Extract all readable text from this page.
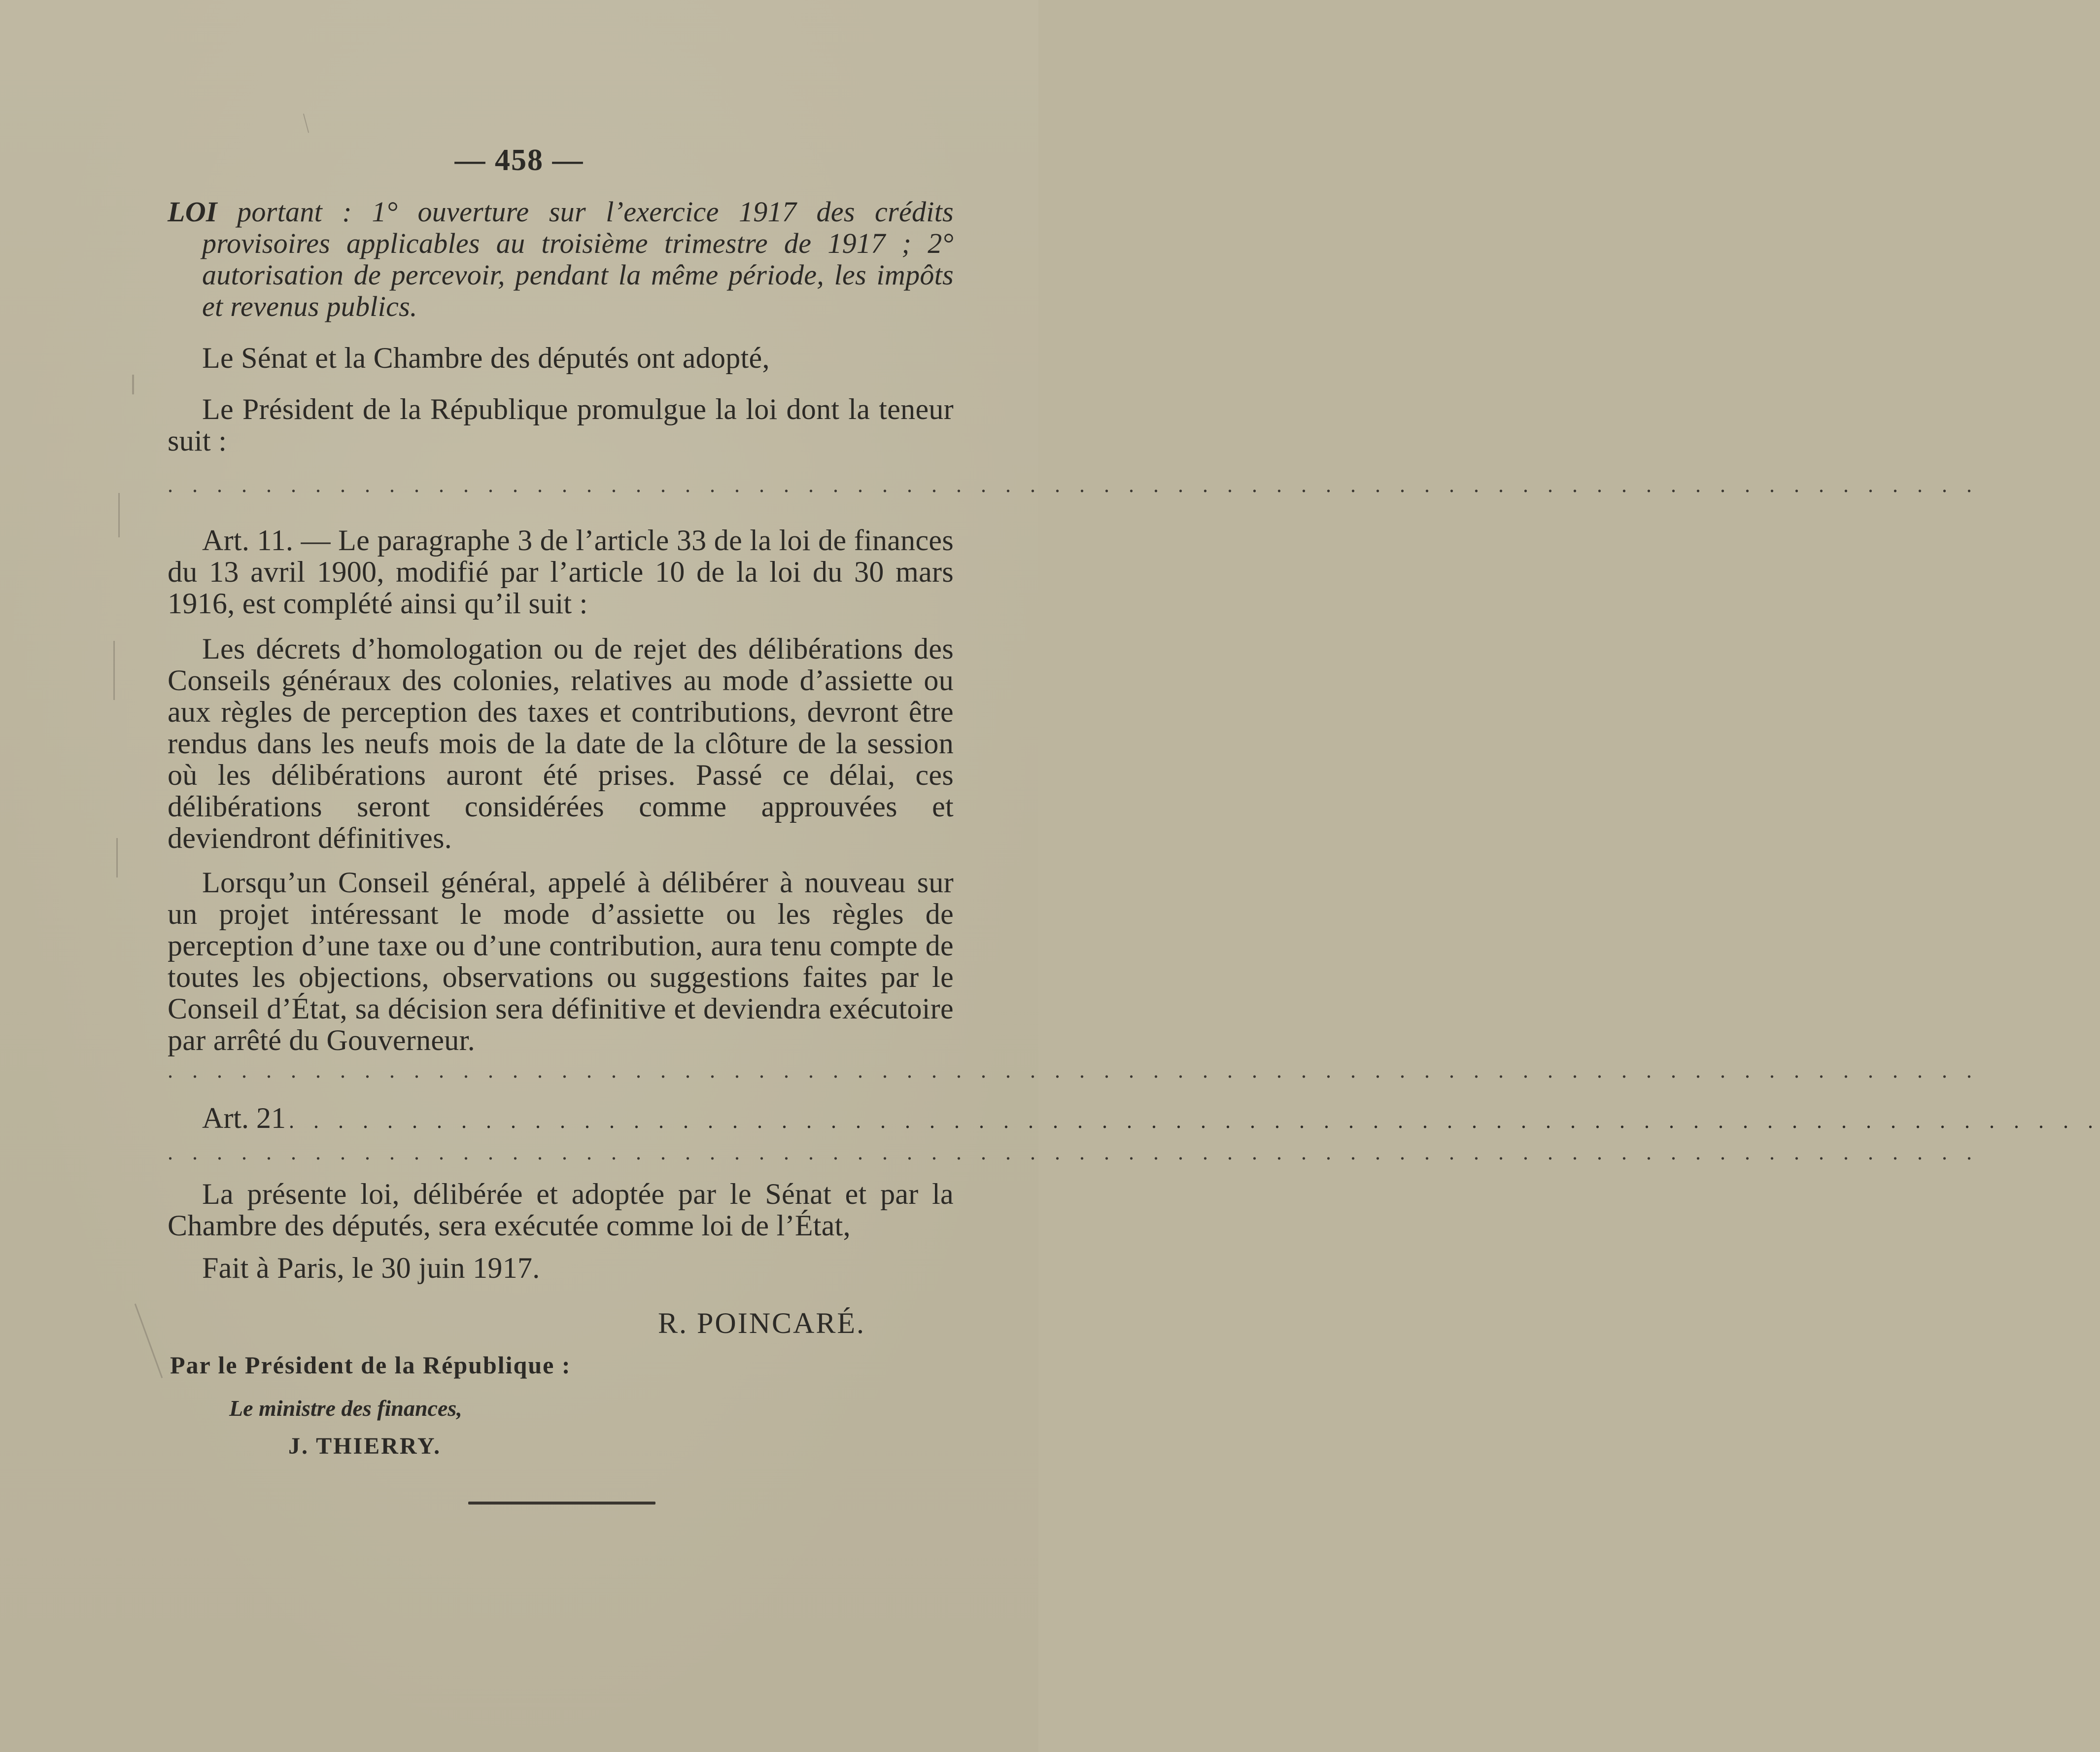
— 458 —
LOI portant : 1° ouverture sur l’exercice 1917 des crédits provisoires applicables au troisième trimestre de 1917 ; 2° autorisation de percevoir, pendant la même période, les impôts et revenus publics.
Le Sénat et la Chambre des députés ont adopté,
Le Président de la République promulgue la loi dont la teneur suit :
. . . . . . . . . . . . . . . . . . . . . . . . . . . . . . . . . . . . . . . . . . . . . . . . . . . . . . . . . . . . . . . . . . . . . . . . . .
Art. 11. — Le paragraphe 3 de l’article 33 de la loi de finances du 13 avril 1900, modifié par l’article 10 de la loi du 30 mars 1916, est complété ainsi qu’il suit :
Les décrets d’homologation ou de rejet des délibérations des Conseils généraux des colonies, relatives au mode d’assiette ou aux règles de perception des taxes et contributions, devront être rendus dans les neufs mois de la date de la clôture de la session où les délibérations auront été prises. Passé ce délai, ces délibérations seront considérées comme approuvées et deviendront définitives.
Lorsqu’un Conseil général, appelé à délibérer à nouveau sur un projet intéressant le mode d’assiette ou les règles de perception d’une taxe ou d’une contribution, aura tenu compte de toutes les objections, observations ou suggestions faites par le Conseil d’État, sa décision sera définitive et deviendra exécutoire par arrêté du Gouverneur.
. . . . . . . . . . . . . . . . . . . . . . . . . . . . . . . . . . . . . . . . . . . . . . . . . . . . . . . . . . . . . . . . . . . . . . . . . .
Art. 21 . . . . . . . . . . . . . . . . . . . . . . . . . . . . . . . . . . . . . . . . . . . . . . . . . . . . . . . . . . . . . . . . . . . . . . . . . .
. . . . . . . . . . . . . . . . . . . . . . . . . . . . . . . . . . . . . . . . . . . . . . . . . . . . . . . . . . . . . . . . . . . . . . . . . .
La présente loi, délibérée et adoptée par le Sénat et par la Chambre des députés, sera exécutée comme loi de l’État,
Fait à Paris, le 30 juin 1917.
R. POINCARÉ.
Par le Président de la République :
Le ministre des finances,
J. THIERRY.
